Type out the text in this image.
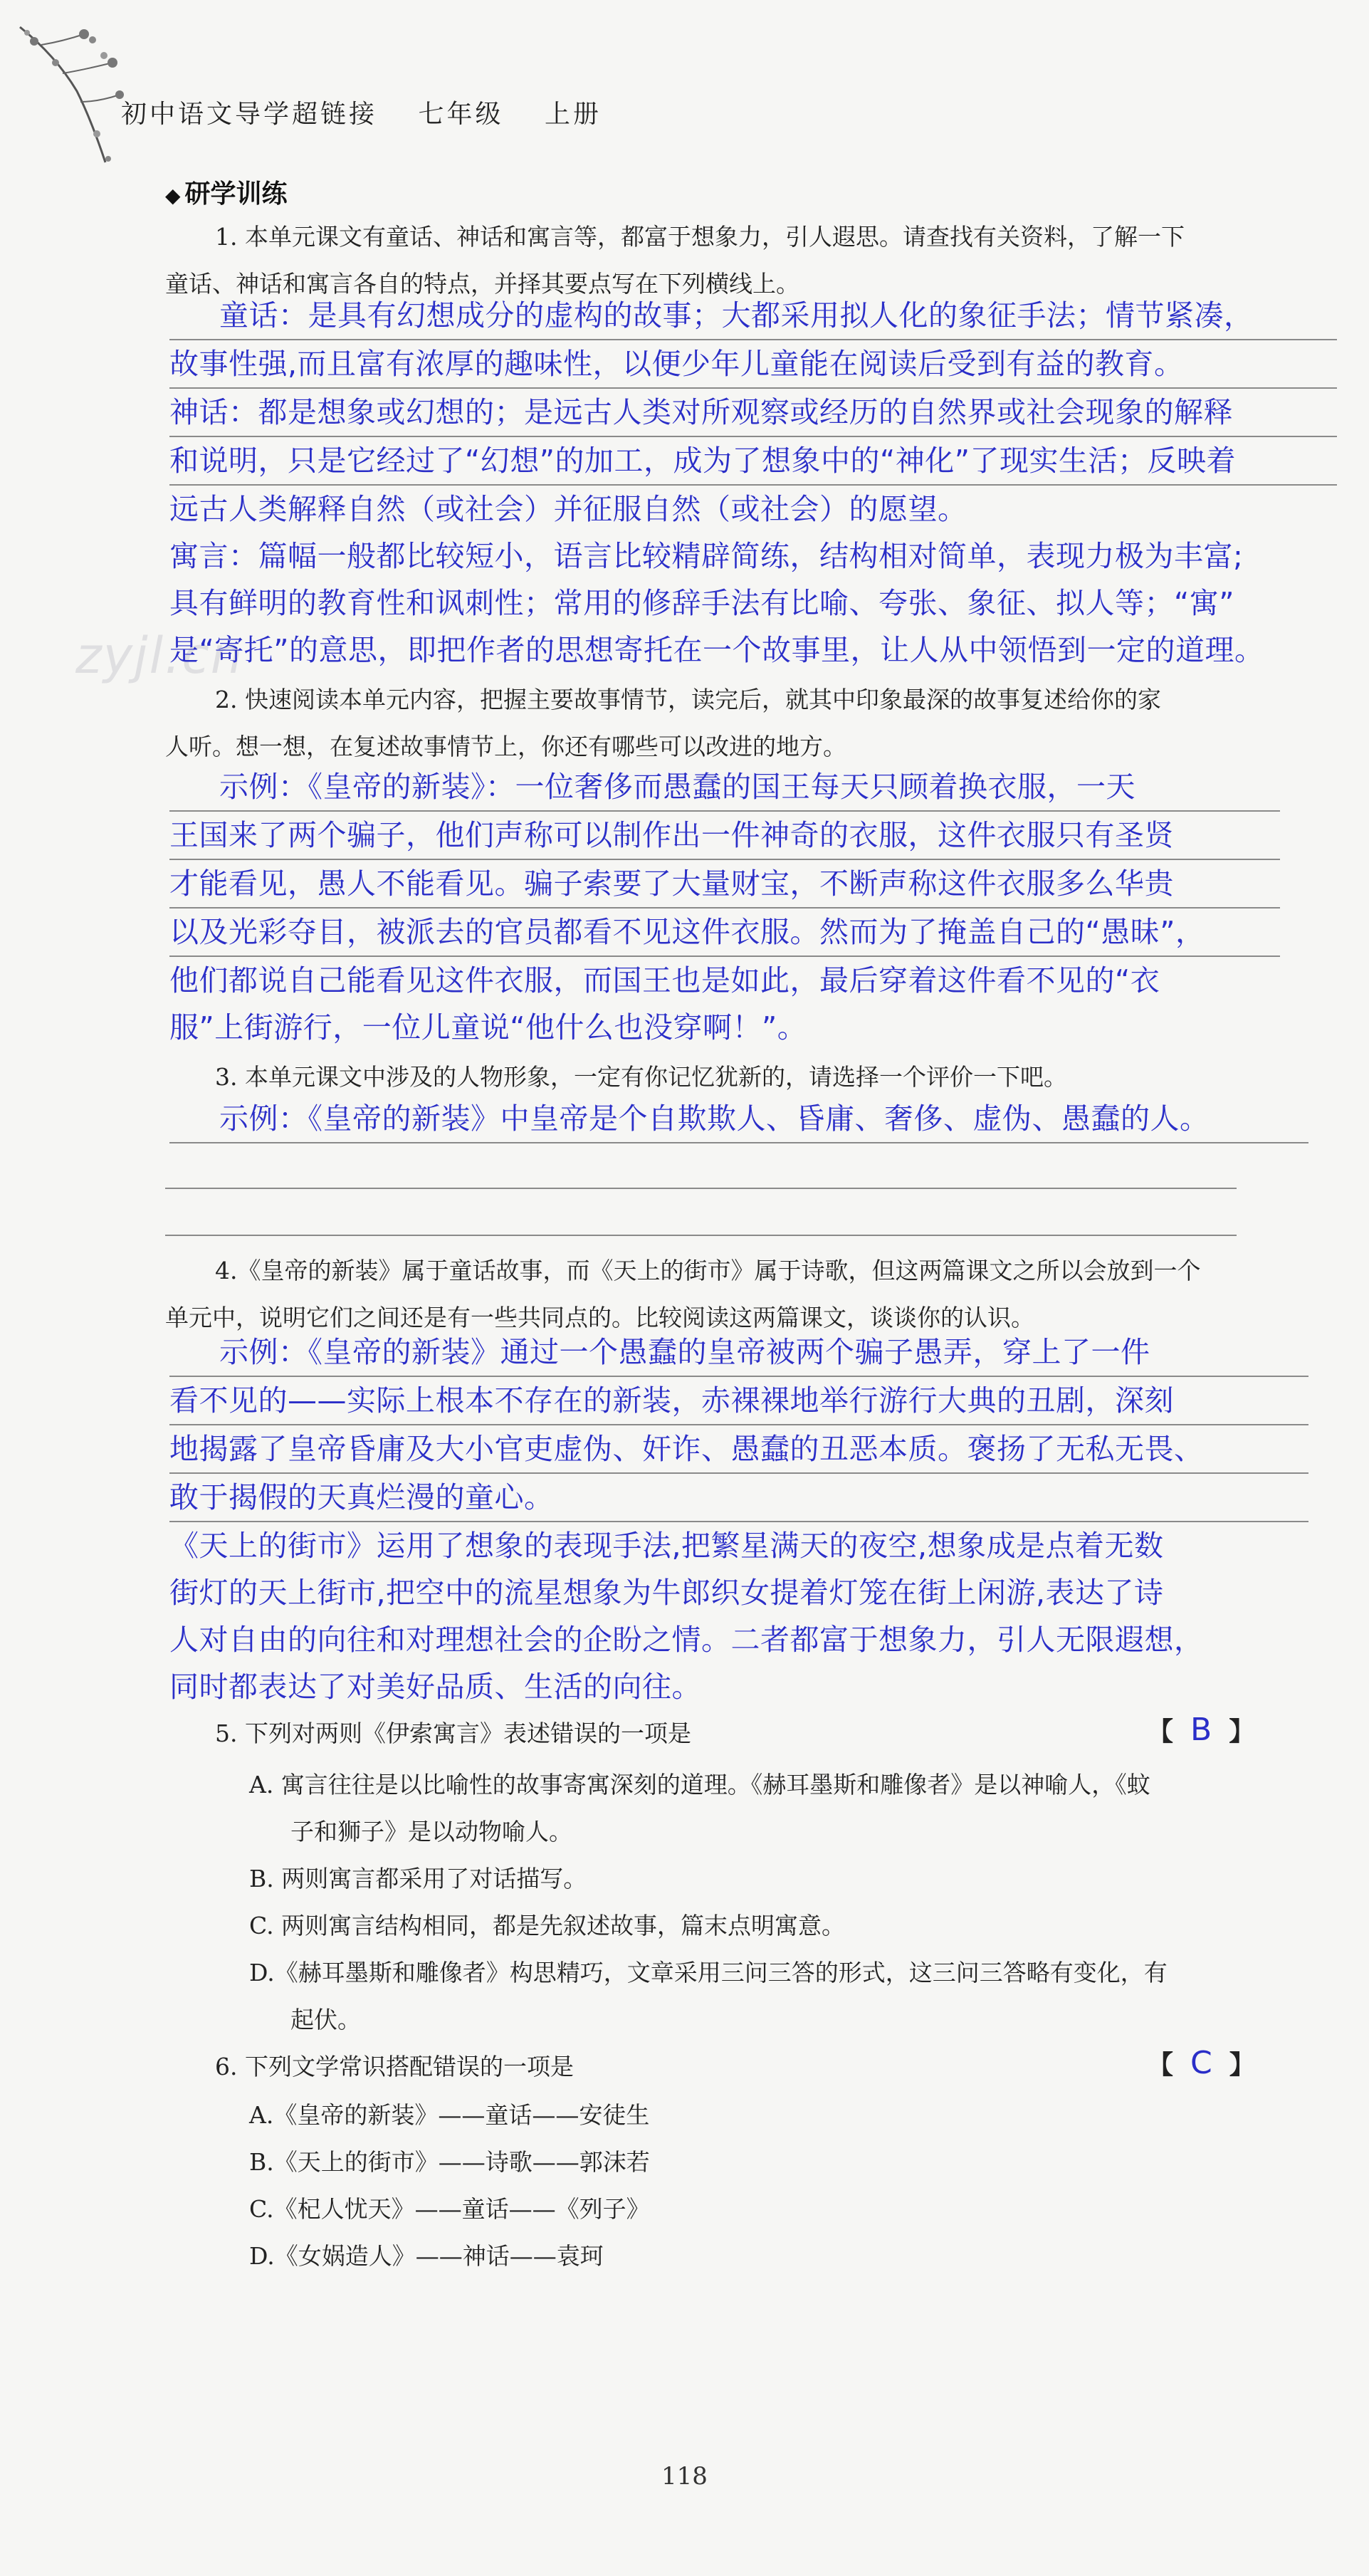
初中语文导学超链接 七年级 上册
◆ 研学训练
zyjl.cn
1. 本单元课文有童话、神话和寓言等，都富于想象力，引人遐思。请查找有关资料，了解一下
童话、神话和寓言各自的特点，并择其要点写在下列横线上。
童话：是具有幻想成分的虚构的故事；大都采用拟人化的象征手法；情节紧凑，
故事性强,而且富有浓厚的趣味性，以便少年儿童能在阅读后受到有益的教育。
神话：都是想象或幻想的；是远古人类对所观察或经历的自然界或社会现象的解释
和说明，只是它经过了“幻想”的加工，成为了想象中的“神化”了现实生活；反映着
远古人类解释自然（或社会）并征服自然（或社会）的愿望。
寓言：篇幅一般都比较短小，语言比较精辟简练，结构相对简单，表现力极为丰富;
具有鲜明的教育性和讽刺性；常用的修辞手法有比喻、夸张、象征、拟人等；“寓”
是“寄托”的意思，即把作者的思想寄托在一个故事里，让人从中领悟到一定的道理。
2. 快速阅读本单元内容，把握主要故事情节，读完后，就其中印象最深的故事复述给你的家
人听。想一想，在复述故事情节上，你还有哪些可以改进的地方。
示例：《皇帝的新装》：一位奢侈而愚蠢的国王每天只顾着换衣服，一天
王国来了两个骗子，他们声称可以制作出一件神奇的衣服，这件衣服只有圣贤
才能看见，愚人不能看见。骗子索要了大量财宝，不断声称这件衣服多么华贵
以及光彩夺目，被派去的官员都看不见这件衣服。然而为了掩盖自己的“愚昧”，
他们都说自己能看见这件衣服，而国王也是如此，最后穿着这件看不见的“衣
服”上街游行，一位儿童说“他什么也没穿啊！”。
3. 本单元课文中涉及的人物形象，一定有你记忆犹新的，请选择一个评价一下吧。
示例：《皇帝的新装》中皇帝是个自欺欺人、昏庸、奢侈、虚伪、愚蠢的人。
4.《皇帝的新装》属于童话故事，而《天上的街市》属于诗歌，但这两篇课文之所以会放到一个
单元中，说明它们之间还是有一些共同点的。比较阅读这两篇课文，谈谈你的认识。
示例：《皇帝的新装》通过一个愚蠢的皇帝被两个骗子愚弄，穿上了一件
看不见的——实际上根本不存在的新装，赤裸裸地举行游行大典的丑剧，深刻
地揭露了皇帝昏庸及大小官吏虚伪、奸诈、愚蠢的丑恶本质。褒扬了无私无畏、
敢于揭假的天真烂漫的童心。
《天上的街市》运用了想象的表现手法,把繁星满天的夜空,想象成是点着无数
街灯的天上街市,把空中的流星想象为牛郎织女提着灯笼在街上闲游,表达了诗
人对自由的向往和对理想社会的企盼之情。二者都富于想象力，引人无限遐想，
同时都表达了对美好品质、生活的向往。
5. 下列对两则《伊索寓言》表述错误的一项是	【 B 】
A. 寓言往往是以比喻性的故事寄寓深刻的道理。《赫耳墨斯和雕像者》是以神喻人，《蚊
子和狮子》是以动物喻人。
B. 两则寓言都采用了对话描写。
C. 两则寓言结构相同，都是先叙述故事，篇末点明寓意。
D.《赫耳墨斯和雕像者》构思精巧，文章采用三问三答的形式，这三问三答略有变化，有
起伏。
6. 下列文学常识搭配错误的一项是	【 C 】
A.《皇帝的新装》——童话——安徒生
B.《天上的街市》——诗歌——郭沫若
C.《杞人忧天》——童话——《列子》
D.《女娲造人》——神话——袁珂
118
